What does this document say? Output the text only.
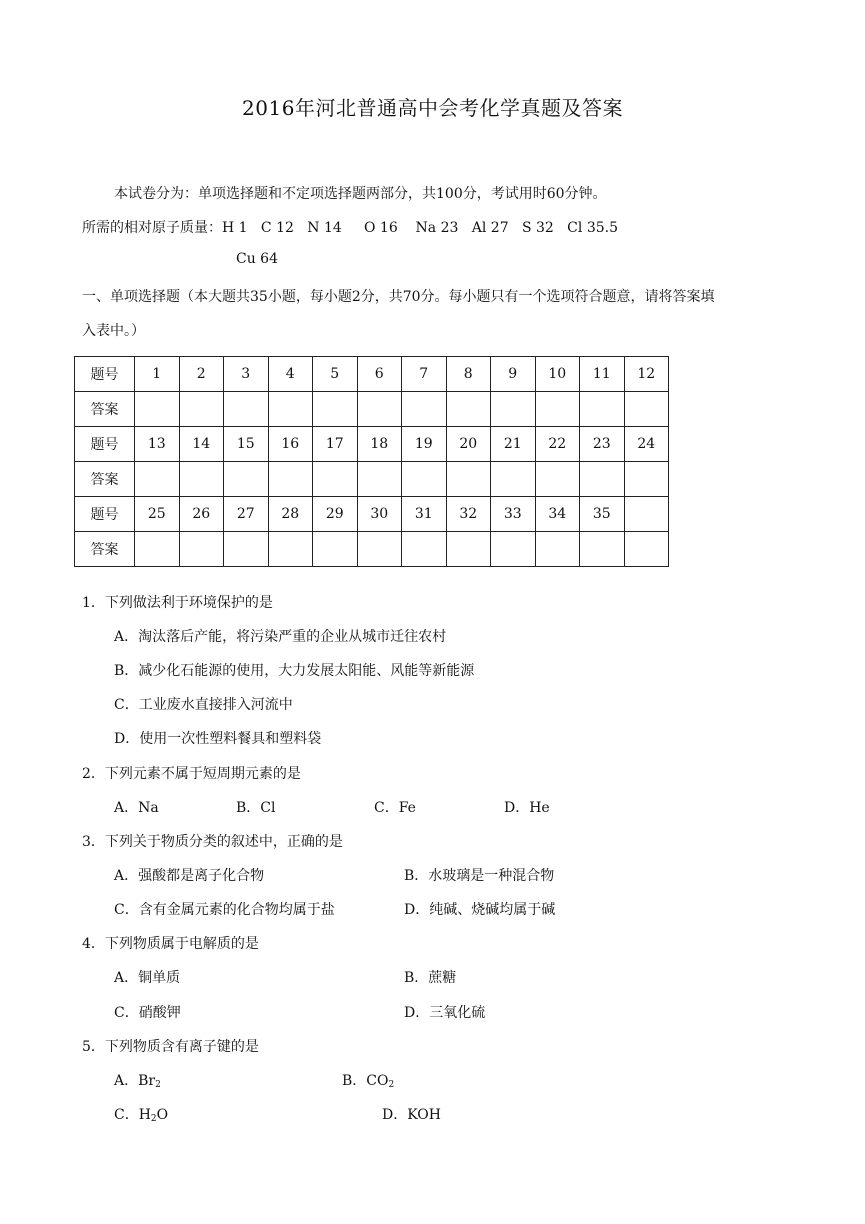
2016年河北普通高中会考化学真题及答案
本试卷分为：单项选择题和不定项选择题两部分，共100分，考试用时60分钟。
所需的相对原子质量：H 1   C 12   N 14     O 16    Na 23   Al 27   S 32   Cl 35.5
Cu 64
一、单项选择题（本大题共35小题，每小题2分，共70分。每小题只有一个选项符合题意，请将答案填
入表中。）
题号	1	2	3	4	5	6	7	8	9	10	11	12
答案												
题号	13	14	15	16	17	18	19	20	21	22	23	24
答案												
题号	25	26	27	28	29	30	31	32	33	34	35	
答案												
1．下列做法利于环境保护的是
A．淘汰落后产能，将污染严重的企业从城市迁往农村
B．减少化石能源的使用，大力发展太阳能、风能等新能源
C．工业废水直接排入河流中
D．使用一次性塑料餐具和塑料袋
2．下列元素不属于短周期元素的是
A．Na	B．Cl	C．Fe	D．He
3．下列关于物质分类的叙述中，正确的是
A．强酸都是离子化合物	B．水玻璃是一种混合物
C．含有金属元素的化合物均属于盐	D．纯碱、烧碱均属于碱
4．下列物质属于电解质的是
A．铜单质	B．蔗糖
C．硝酸钾	D．三氧化硫
5．下列物质含有离子键的是
A．$Br_2$	B．$CO_2$
C．$H_2O$	D．KOH
